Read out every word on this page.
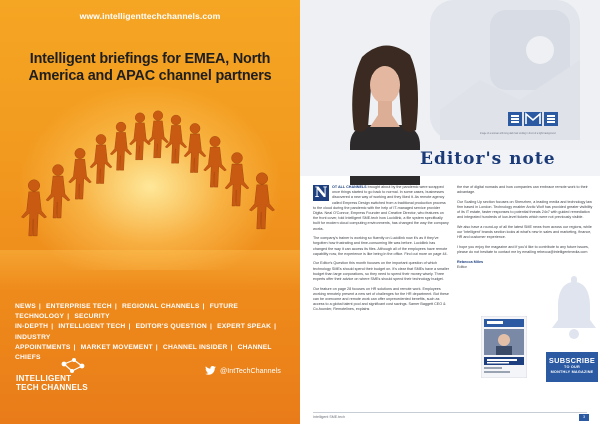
www.intelligenttechchannels.com
Intelligent briefings for EMEA, North America and APAC channel partners
NEWS | ENTERPRISE TECH | REGIONAL CHANNELS | FUTURE TECHNOLOGY | SECURITY
IN-DEPTH | INTELLIGENT TECH | EDITOR'S QUESTION | EXPERT SPEAK | INDUSTRY
APPOINTMENTS | MARKET MOVEMENT | CHANNEL INSIDER | CHANNEL CHIEFS
INTELLIGENT
TECH CHANNELS
@IntTechChannels
Image of a woman with long dark hair smiling in front of a light background
Editor's note

N	OT ALL CHANNELS brought about by the pandemic were scrapped once things started to go back to normal. In some cases, businesses discovered a new way of working and they liked it. As remote agency called Empress Design switched from a traditional production process to the cloud during the pandemic with the help of IT-managed service provider Digita. Neal O'Connor, Empress Founder and Creative Director, who features on the front cover, told Intelligent SME.tech how Lucidlink, a file system specifically built for modern cloud computing environments, has changed the way the company works.

The company's trainer is working so fluently on Lucidlink now it's as if they've forgotten how frustrating and time-consuming life was before. Lucidlink has changed the way it can access its files. Although all of the employees have remote capability now, the experience is like being in the office. Find out more on page 44.

Our Editor's Question this month focuses on the important question of which technology SMEs should spend their budget on. It's clear that SMEs have a smaller budget than large corporations, so they need to spend their money wisely. Three experts offer their advice on where SMEs should spend their technology budget.

Our feature on page 28 focuses on HR solutions and remote work. Employees working remotely present a new set of challenges for the HR department. But these can be overcome and remote work can offer unprecedented benefits, such as access to a global talent pool and significant cost savings. Samer Baggett CEO & Co-founder, Remotelines, explains

the rise of digital nomads and how companies can embrace remote work to their advantage.

Our Scaling Up section focuses on Shenzhen, a leading media and technology law firm based in London. Technology enabler Arctic Wolf has provided greater visibility of its IT estate, faster responses to potential threats 24x7 with guided remediation and integrated hundreds of low-level tickets which were not previously visible.

We also have a round-up of all the latest SME news from across our regions, while our 'Intelligent' brands section looks at what's new in sales and marketing, finance, HR and customer experience.

I hope you enjoy the magazine and if you'd like to contribute to any future issues, please do not hesitate to contact me by emailing rebecca@intelligentmedia.com

Rebecca Miles
Editor
SUBSCRIBE
TO OUR
MONTHLY MAGAZINE
Intelligent SME.tech	3
